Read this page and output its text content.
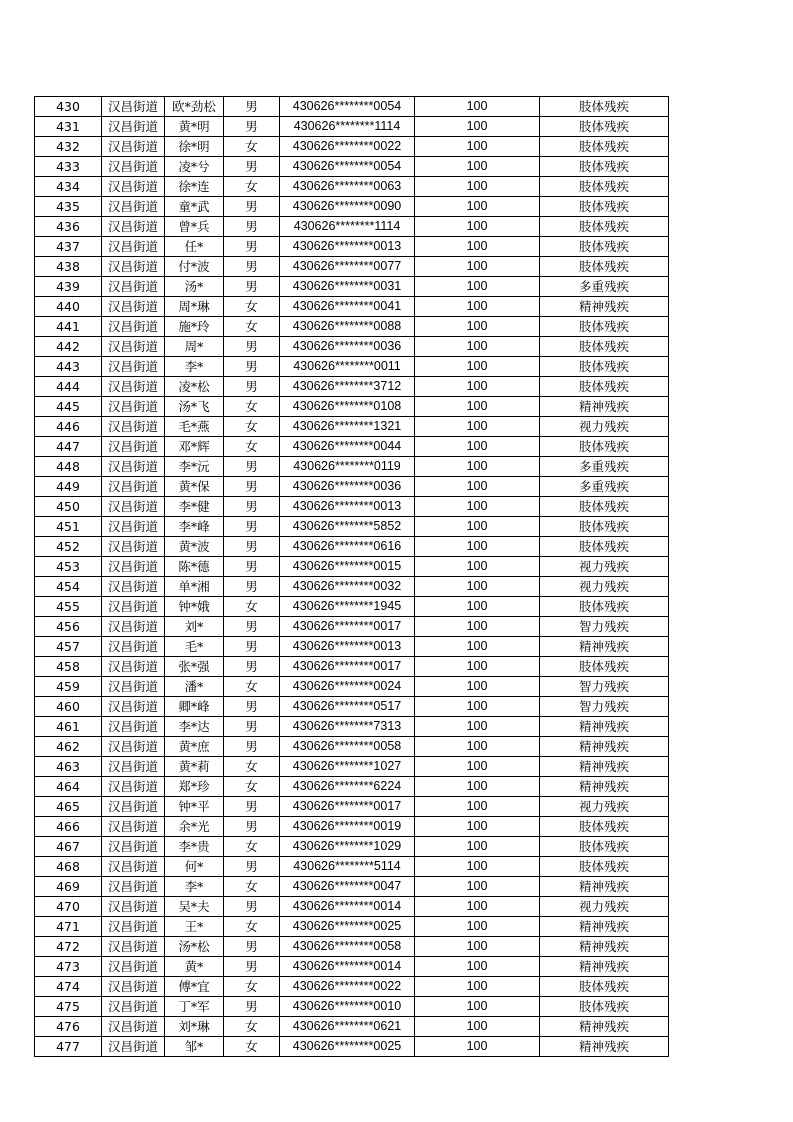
430	汉昌街道	欧*劲松	男	430626********0054	100	肢体残疾
431	汉昌街道	黄*明	男	430626********1114	100	肢体残疾
432	汉昌街道	徐*明	女	430626********0022	100	肢体残疾
433	汉昌街道	凌*兮	男	430626********0054	100	肢体残疾
434	汉昌街道	徐*连	女	430626********0063	100	肢体残疾
435	汉昌街道	童*武	男	430626********0090	100	肢体残疾
436	汉昌街道	曾*兵	男	430626********1114	100	肢体残疾
437	汉昌街道	任*	男	430626********0013	100	肢体残疾
438	汉昌街道	付*波	男	430626********0077	100	肢体残疾
439	汉昌街道	汤*	男	430626********0031	100	多重残疾
440	汉昌街道	周*琳	女	430626********0041	100	精神残疾
441	汉昌街道	施*玲	女	430626********0088	100	肢体残疾
442	汉昌街道	周*	男	430626********0036	100	肢体残疾
443	汉昌街道	李*	男	430626********0011	100	肢体残疾
444	汉昌街道	凌*松	男	430626********3712	100	肢体残疾
445	汉昌街道	汤*飞	女	430626********0108	100	精神残疾
446	汉昌街道	毛*燕	女	430626********1321	100	视力残疾
447	汉昌街道	邓*辉	女	430626********0044	100	肢体残疾
448	汉昌街道	李*沅	男	430626********0119	100	多重残疾
449	汉昌街道	黄*保	男	430626********0036	100	多重残疾
450	汉昌街道	李*健	男	430626********0013	100	肢体残疾
451	汉昌街道	李*峰	男	430626********5852	100	肢体残疾
452	汉昌街道	黄*波	男	430626********0616	100	肢体残疾
453	汉昌街道	陈*德	男	430626********0015	100	视力残疾
454	汉昌街道	单*湘	男	430626********0032	100	视力残疾
455	汉昌街道	钟*娥	女	430626********1945	100	肢体残疾
456	汉昌街道	刘*	男	430626********0017	100	智力残疾
457	汉昌街道	毛*	男	430626********0013	100	精神残疾
458	汉昌街道	张*强	男	430626********0017	100	肢体残疾
459	汉昌街道	潘*	女	430626********0024	100	智力残疾
460	汉昌街道	卿*峰	男	430626********0517	100	智力残疾
461	汉昌街道	李*达	男	430626********7313	100	精神残疾
462	汉昌街道	黄*庶	男	430626********0058	100	精神残疾
463	汉昌街道	黄*莉	女	430626********1027	100	精神残疾
464	汉昌街道	郑*珍	女	430626********6224	100	精神残疾
465	汉昌街道	钟*平	男	430626********0017	100	视力残疾
466	汉昌街道	余*光	男	430626********0019	100	肢体残疾
467	汉昌街道	李*贵	女	430626********1029	100	肢体残疾
468	汉昌街道	何*	男	430626********5114	100	肢体残疾
469	汉昌街道	李*	女	430626********0047	100	精神残疾
470	汉昌街道	吴*夫	男	430626********0014	100	视力残疾
471	汉昌街道	王*	女	430626********0025	100	精神残疾
472	汉昌街道	汤*松	男	430626********0058	100	精神残疾
473	汉昌街道	黄*	男	430626********0014	100	精神残疾
474	汉昌街道	傅*宜	女	430626********0022	100	肢体残疾
475	汉昌街道	丁*军	男	430626********0010	100	肢体残疾
476	汉昌街道	刘*琳	女	430626********0621	100	精神残疾
477	汉昌街道	邹*	女	430626********0025	100	精神残疾
